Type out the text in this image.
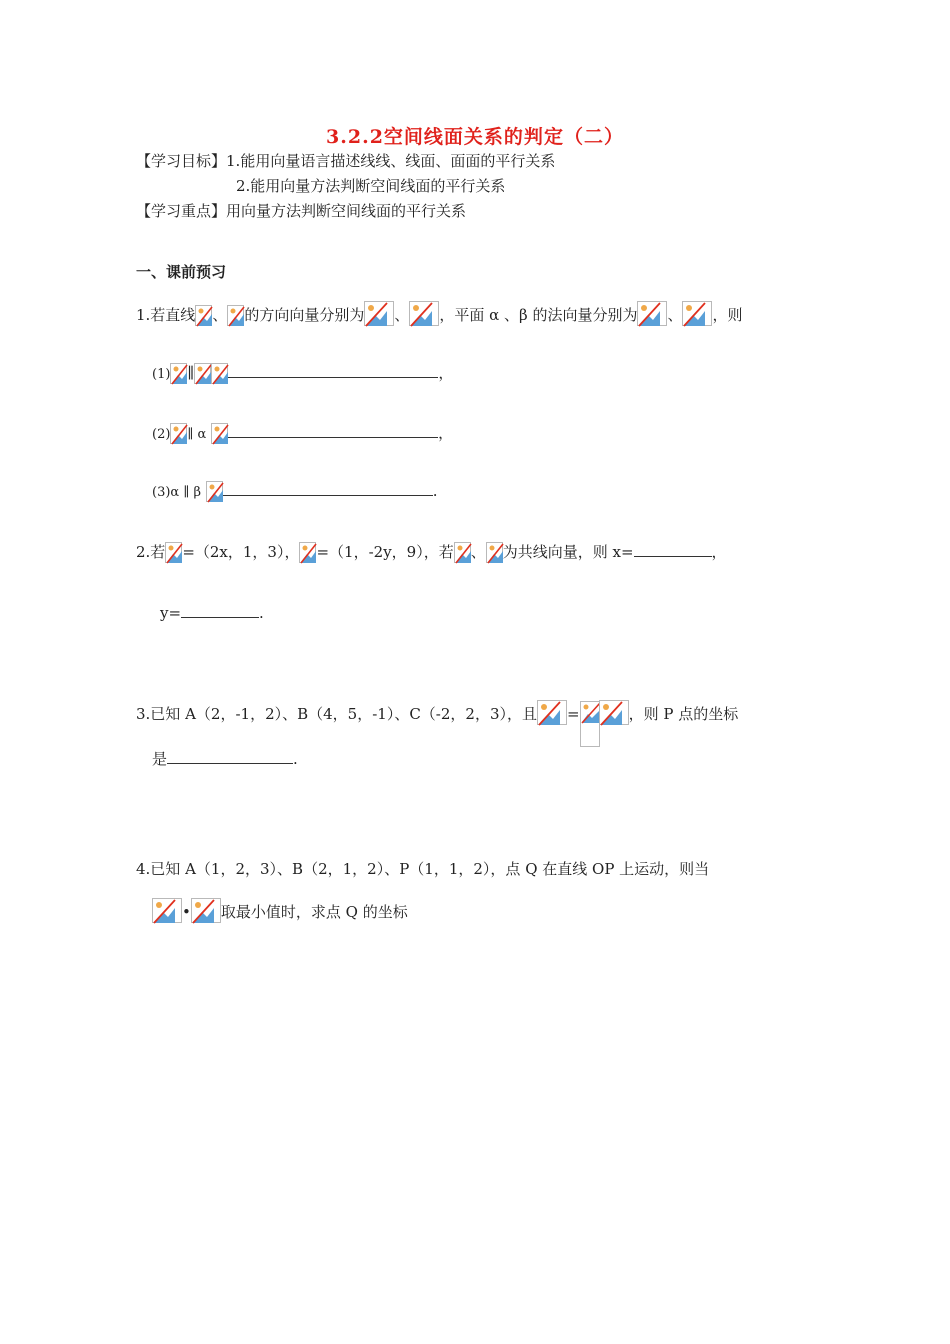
3.2.2空间线面关系的判定（二）
【学习目标】1.能用向量语言描述线线、线面、面面的平行关系
2.能用向量方法判断空间线面的平行关系
【学习重点】用向量方法判断空间线面的平行关系
一、课前预习
1.若直线 、 的方向向量分别为 、 ，平面 α 、β 的法向量分别为 、 ，则
(1) ∥	，
(2) ∥ α	，
(3)α ∥ β	.
2.若 =（2x，1，3）， =（1，-2y，9），若 、 为共线向量，则 x=	，
y=	.
3.已知 A（2，-1，2）、B（4，5，-1）、C（-2，2，3），且 =	，则 P 点的坐标
是	.
4.已知 A（1，2，3）、B（2，1，2）、P（1，1，2），点 Q 在直线 OP 上运动，则当
• 取最小值时，求点 Q 的坐标
